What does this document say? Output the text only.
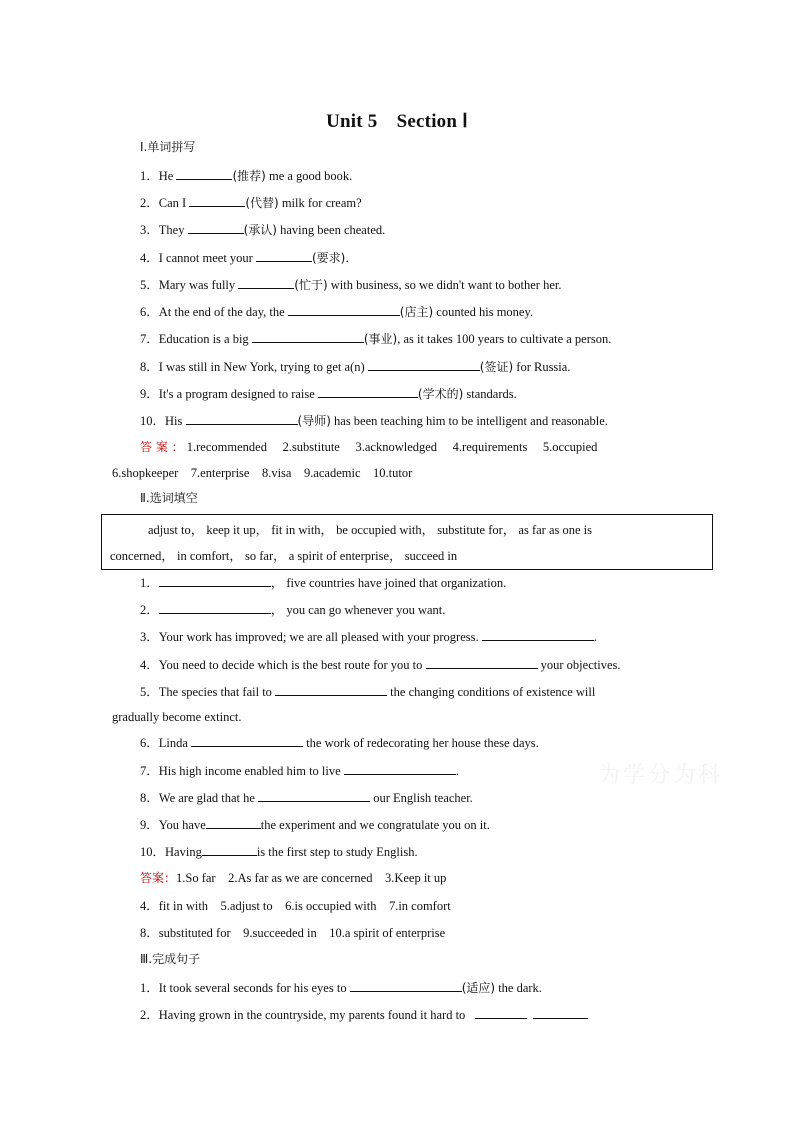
Unit 5　Section Ⅰ
Ⅰ.单词拼写
1．He	(推荐) me a good book.
2．Can I	(代替) milk for cream?
3．They	(承认) having been cheated.
4．I cannot meet your	(要求)．
5．Mary was fully	(忙于) with business, so we didn't want to bother her.
6．At the end of the day, the	(店主) counted his money.
7．Education is a big	(事业), as it takes 100 years to cultivate a person.
8．I was still in New York, trying to get a(n)	(签证) for Russia.
9．It's a program designed to raise	(学术的) standards.
10．His	(导师) has been teaching him to be intelligent and reasonable.
答 案 ： 1.recommended　 2.substitute　 3.acknowledged　 4.requirements　 5.occupied
6.shopkeeper　7.enterprise　8.visa　9.academic　10.tutor
Ⅱ.选词填空
adjust to， keep it up， fit in with， be occupied with， substitute for， as far as one is
concerned， in comfort， so far， a spirit of enterprise， succeed in
1．	， five countries have joined that organization.
2．	， you can go whenever you want.
3．Your work has improved; we are all pleased with your progress.	.
4．You need to decide which is the best route for you to	your objectives.
5．The species that fail to	the changing conditions of existence will
gradually become extinct.
6．Linda	the work of redecorating her house these days.
7．His high income enabled him to live	.
8．We are glad that he	our English teacher.
9．You have	the experiment and we congratulate you on it.
10．Having	is the first step to study English.
答案：1.So far　2.As far as we are concerned　3.Keep it up
4．fit in with　5.adjust to　6.is occupied with　7.in comfort
8．substituted for　9.succeeded in　10.a spirit of enterprise
Ⅲ.完成句子
1．It took several seconds for his eyes to	(适应) the dark.
2．Having grown in the countryside, my parents found it hard to
为学分为科
